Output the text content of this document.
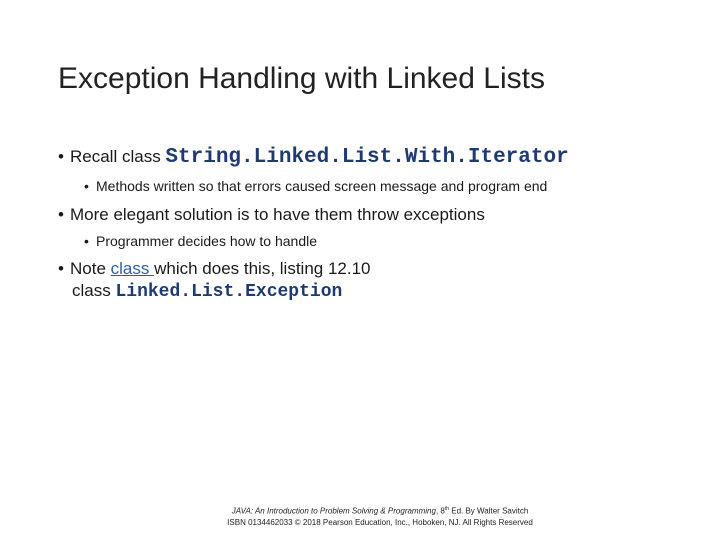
Exception Handling with Linked Lists
• Recall class String.Linked.List.With.Iterator
• Methods written so that errors caused screen message and program end
• More elegant solution is to have them throw exceptions
• Programmer decides how to handle
• Note class which does this, listing 12.10
class Linked.List.Exception
JAVA: An Introduction to Problem Solving & Programming, 8th Ed. By Walter Savitch
ISBN 0134462033 © 2018 Pearson Education, Inc., Hoboken, NJ. All Rights Reserved
